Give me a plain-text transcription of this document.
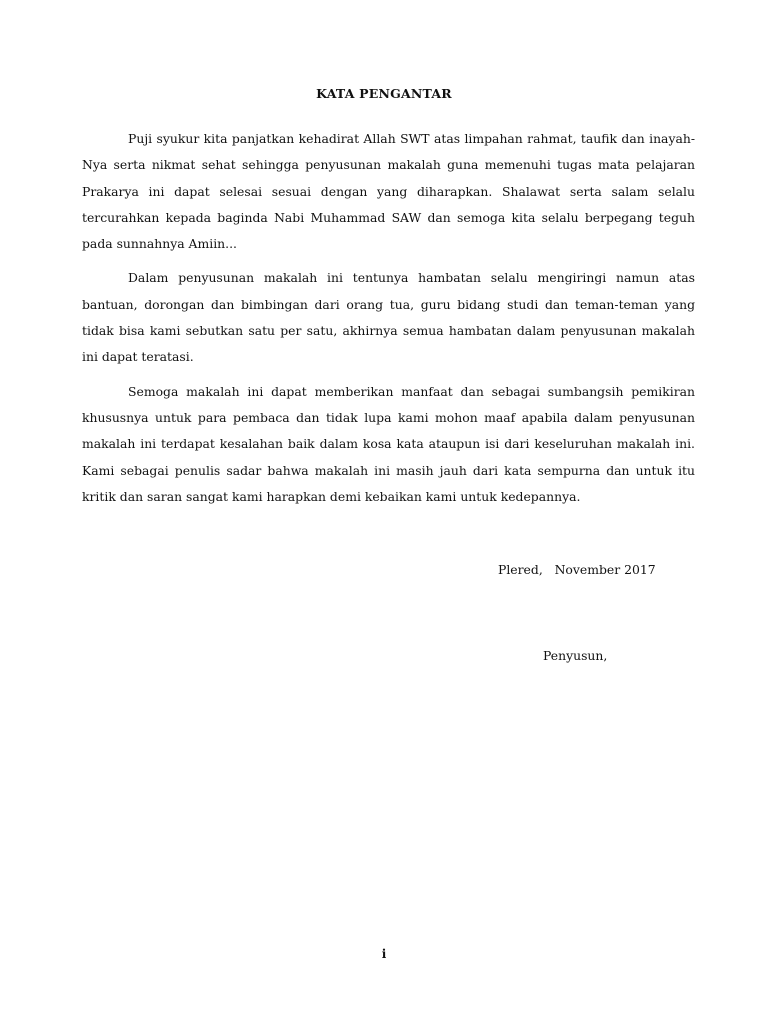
KATA PENGANTAR

Puji syukur kita panjatkan kehadirat Allah SWT atas limpahan rahmat, taufik dan inayah-Nya serta nikmat sehat sehingga penyusunan makalah guna memenuhi tugas mata pelajaran Prakarya ini dapat selesai sesuai dengan yang diharapkan. Shalawat serta salam selalu tercurahkan kepada baginda Nabi Muhammad SAW dan semoga kita selalu berpegang teguh pada sunnahnya Amiin...

Dalam penyusunan makalah ini tentunya hambatan selalu mengiringi namun atas bantuan, dorongan dan bimbingan dari orang tua, guru bidang studi dan teman-teman yang tidak bisa kami sebutkan satu per satu, akhirnya semua hambatan dalam penyusunan makalah ini dapat teratasi.

Semoga makalah ini dapat memberikan manfaat dan sebagai sumbangsih pemikiran khususnya untuk para pembaca dan tidak lupa kami mohon maaf apabila dalam penyusunan makalah ini terdapat kesalahan baik dalam kosa kata ataupun isi dari keseluruhan makalah ini. Kami sebagai penulis sadar bahwa makalah ini masih jauh dari kata sempurna dan untuk itu kritik dan saran sangat kami harapkan demi kebaikan kami untuk kedepannya.

Plered,   November 2017
Penyusun,
i
